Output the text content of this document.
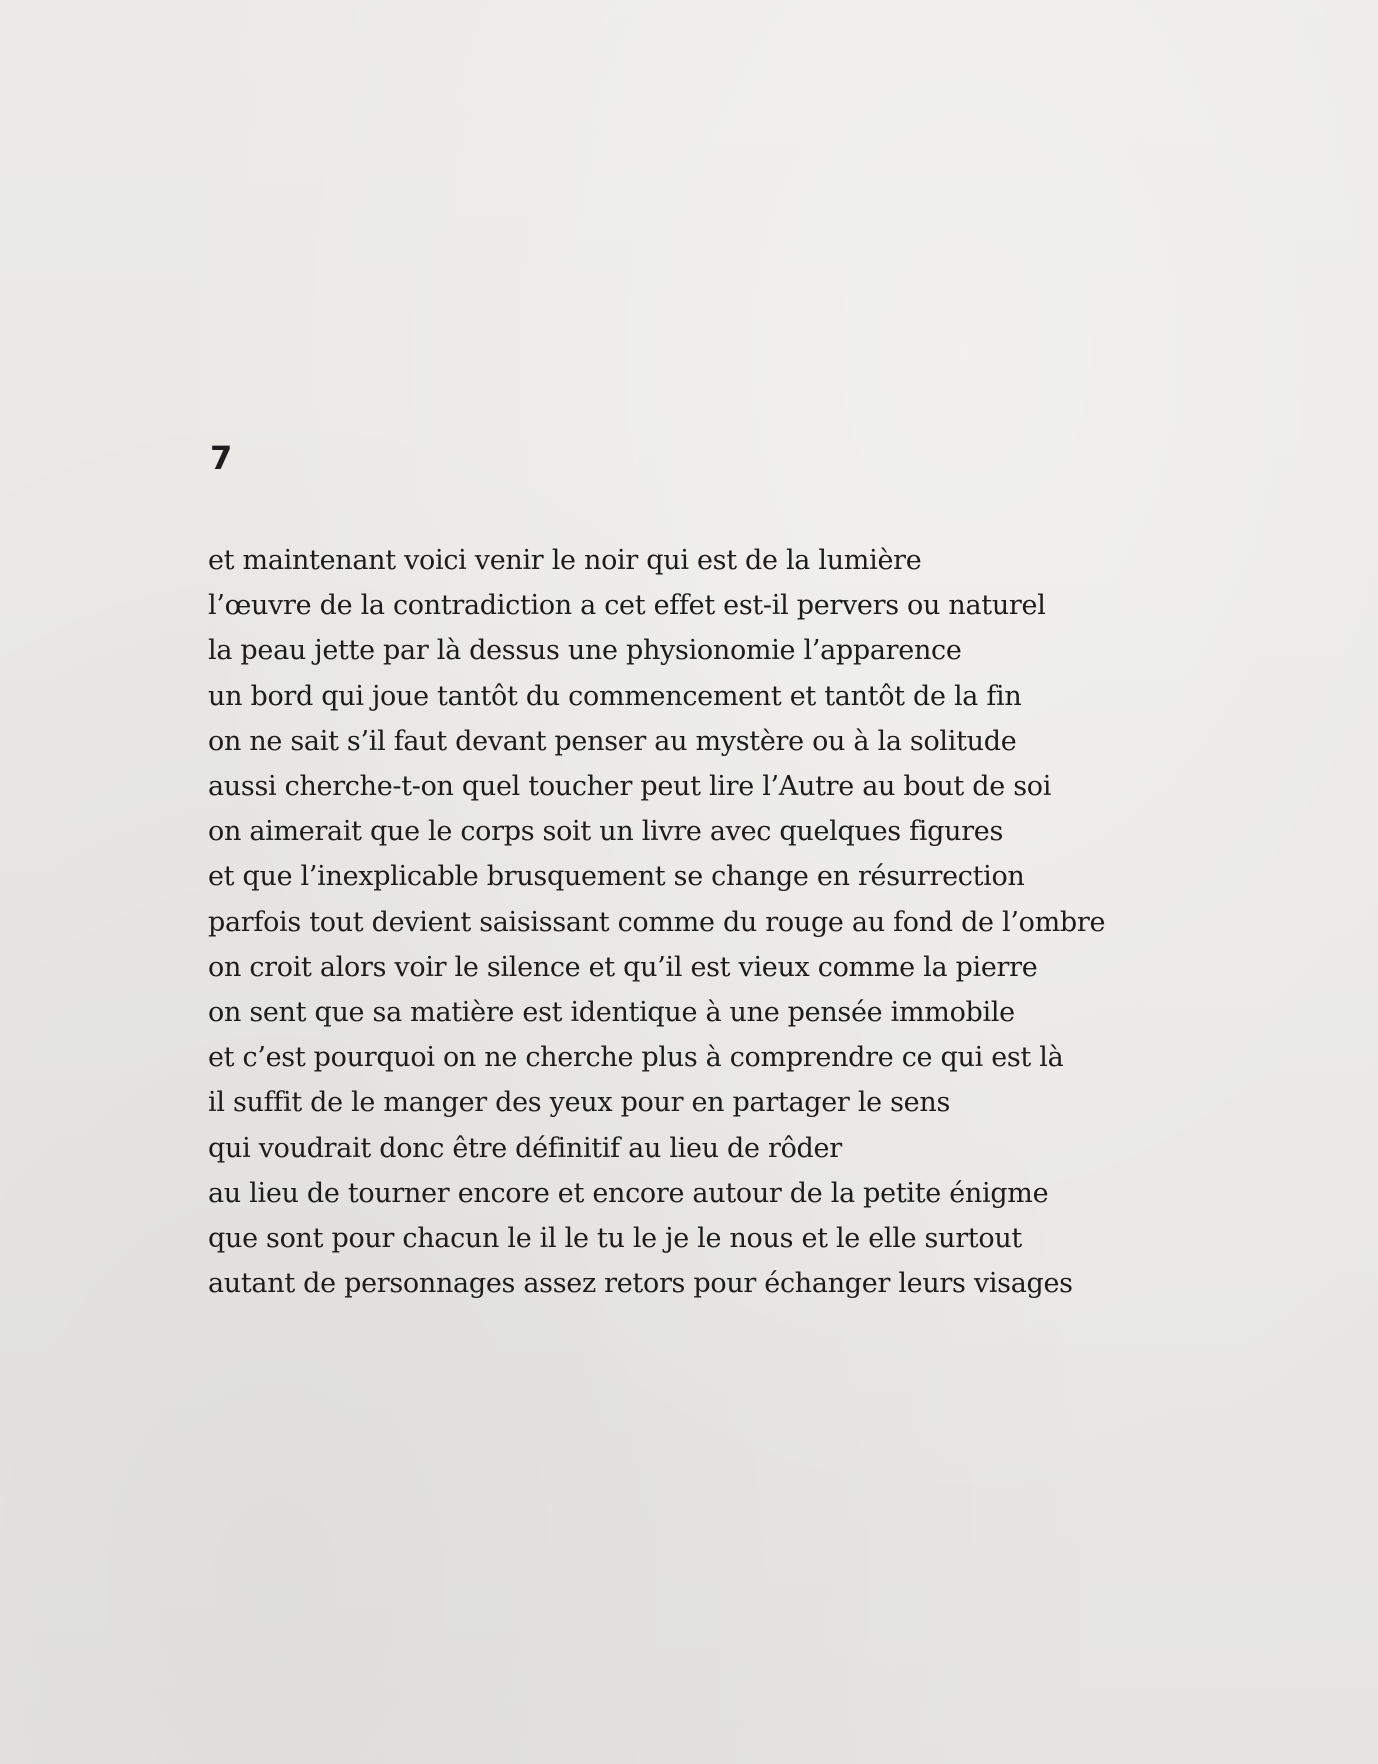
7
et maintenant voici venir le noir qui est de la lumière
l’œuvre de la contradiction a cet effet est-il pervers ou naturel
la peau jette par là dessus une physionomie l’apparence
un bord qui joue tantôt du commencement et tantôt de la fin
on ne sait s’il faut devant penser au mystère ou à la solitude
aussi cherche-t-on quel toucher peut lire l’Autre au bout de soi
on aimerait que le corps soit un livre avec quelques figures
et que l’inexplicable brusquement se change en résurrection
parfois tout devient saisissant comme du rouge au fond de l’ombre
on croit alors voir le silence et qu’il est vieux comme la pierre
on sent que sa matière est identique à une pensée immobile
et c’est pourquoi on ne cherche plus à comprendre ce qui est là
il suffit de le manger des yeux pour en partager le sens
qui voudrait donc être définitif au lieu de rôder
au lieu de tourner encore et encore autour de la petite énigme
que sont pour chacun le il le tu le je le nous et le elle surtout
autant de personnages assez retors pour échanger leurs visages
